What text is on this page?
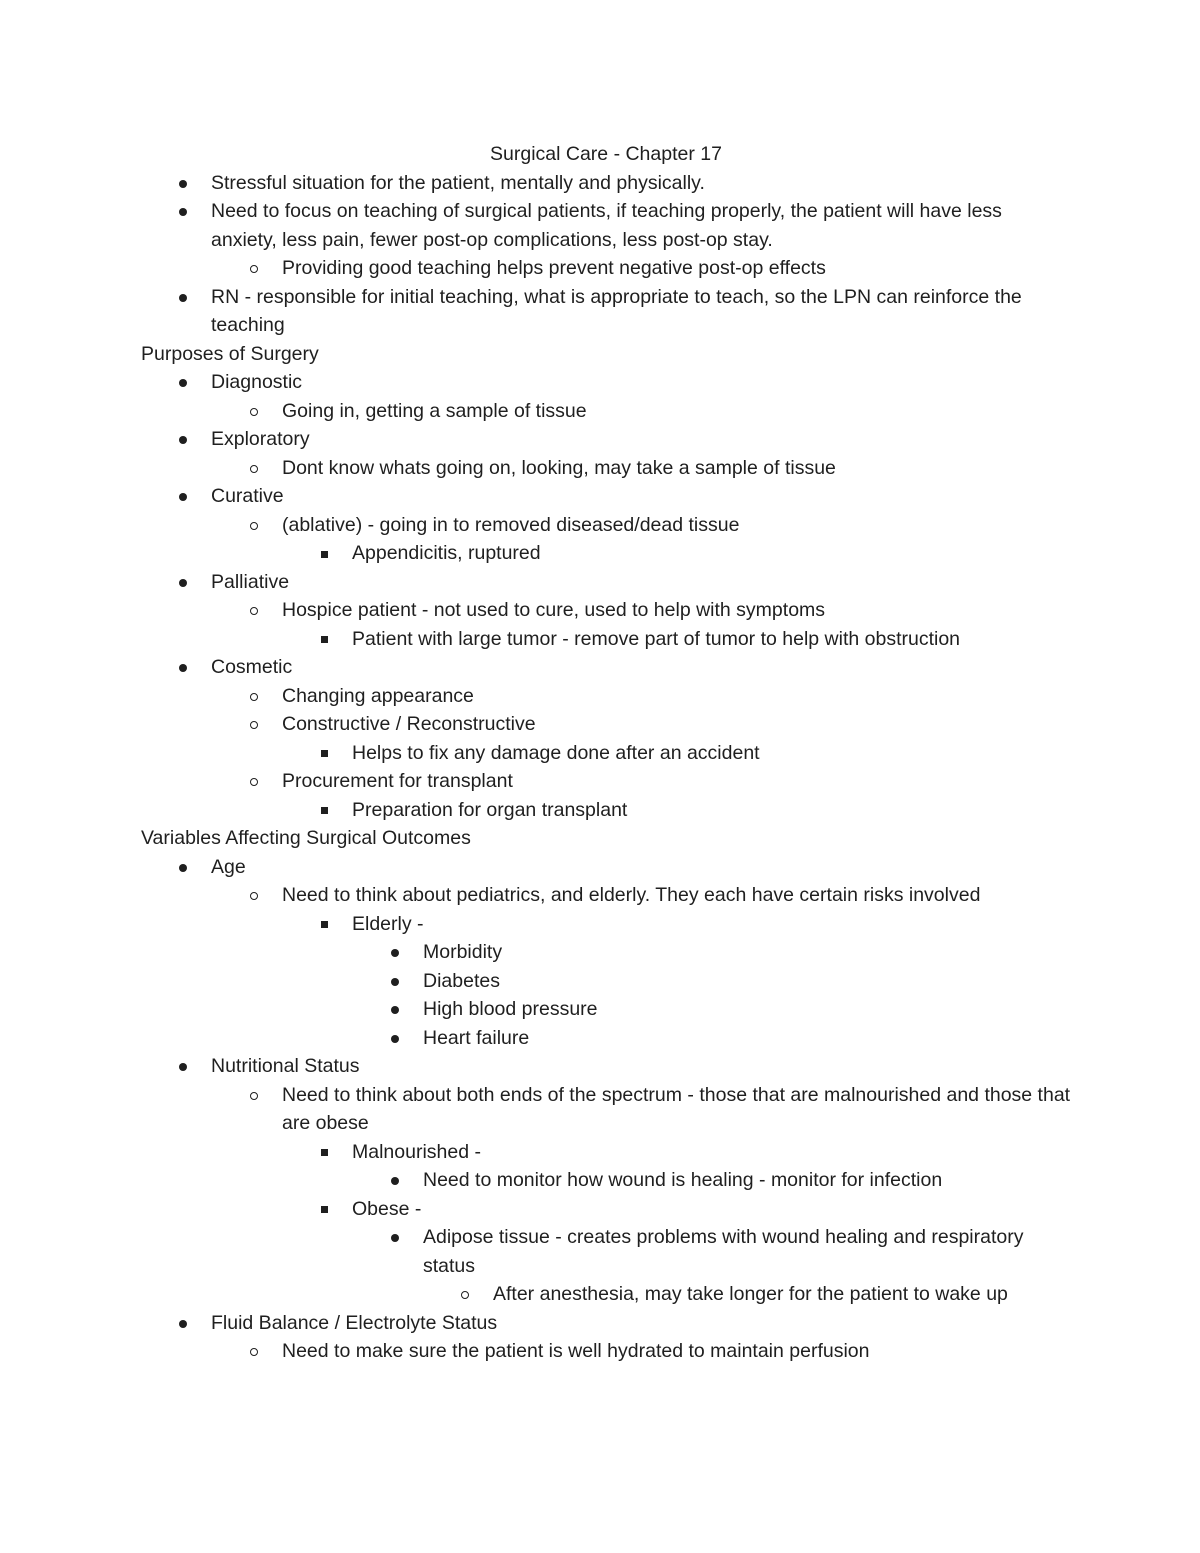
Surgical Care - Chapter 17

Stressful situation for the patient, mentally and physically.
Need to focus on teaching of surgical patients, if teaching properly, the patient will have less anxiety, less pain, fewer post-op complications, less post-op stay.
Providing good teaching helps prevent negative post-op effects
RN - responsible for initial teaching, what is appropriate to teach, so the LPN can reinforce the teaching

Purposes of Surgery

Diagnostic
Going in, getting a sample of tissue
Exploratory
Dont know whats going on, looking, may take a sample of tissue
Curative
(ablative) - going in to removed diseased/dead tissue
Appendicitis, ruptured
Palliative
Hospice patient - not used to cure, used to help with symptoms
Patient with large tumor - remove part of tumor to help with obstruction
Cosmetic
Changing appearance
Constructive / Reconstructive
Helps to fix any damage done after an accident
Procurement for transplant
Preparation for organ transplant

Variables Affecting Surgical Outcomes

Age
Need to think about pediatrics, and elderly. They each have certain risks involved
Elderly -
Morbidity
Diabetes
High blood pressure
Heart failure
Nutritional Status
Need to think about both ends of the spectrum - those that are malnourished and those that are obese
Malnourished -
Need to monitor how wound is healing - monitor for infection
Obese -
Adipose tissue - creates problems with wound healing and respiratory status
After anesthesia, may take longer for the patient to wake up
Fluid Balance / Electrolyte Status
Need to make sure the patient is well hydrated to maintain perfusion
